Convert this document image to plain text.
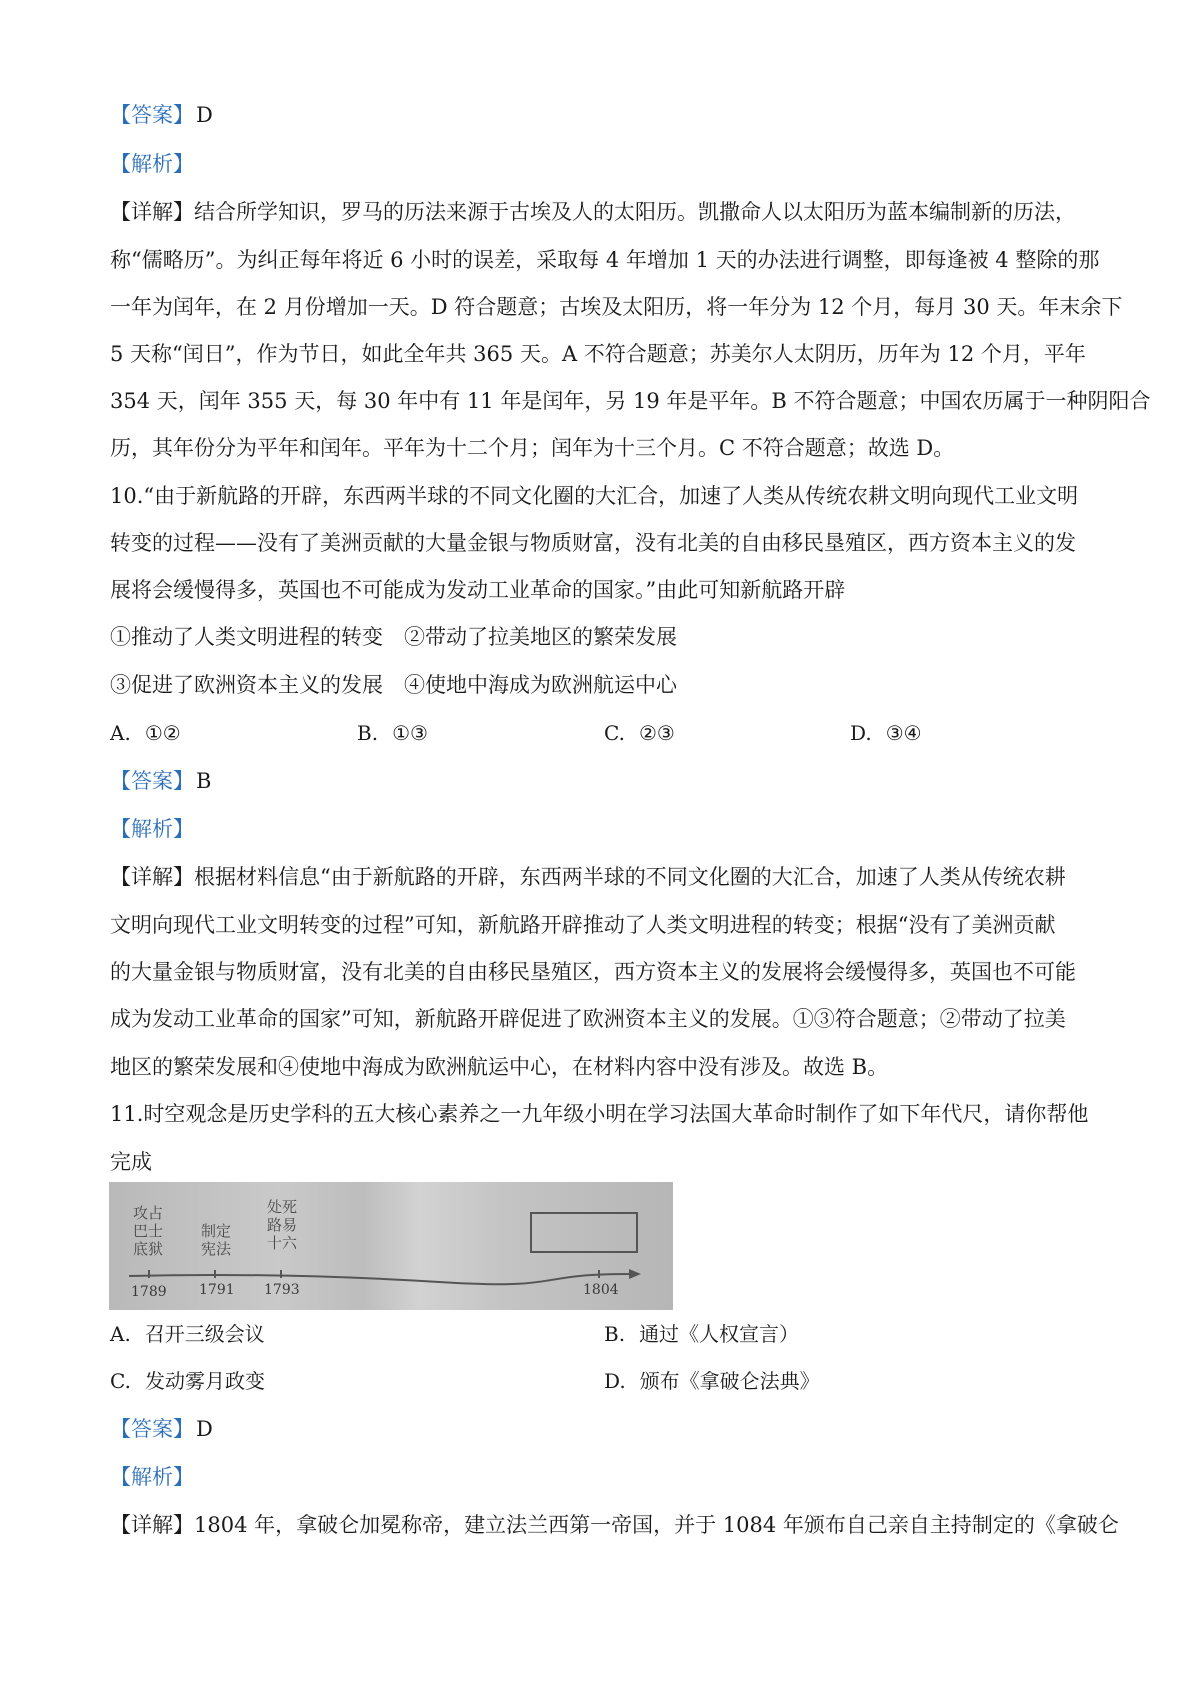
【答案】D
【解析】
【详解】结合所学知识，罗马的历法来源于古埃及人的太阳历。凯撒命人以太阳历为蓝本编制新的历法，
称“儒略历”。为纠正每年将近 6 小时的误差，采取每 4 年增加 1 天的办法进行调整，即每逢被 4 整除的那
一年为闰年，在 2 月份增加一天。D 符合题意；古埃及太阳历，将一年分为 12 个月，每月 30 天。年末余下
5 天称“闰日”，作为节日，如此全年共 365 天。A 不符合题意；苏美尔人太阴历，历年为 12 个月，平年
354 天，闰年 355 天，每 30 年中有 11 年是闰年，另 19 年是平年。B 不符合题意；中国农历属于一种阴阳合
历，其年份分为平年和闰年。平年为十二个月；闰年为十三个月。C 不符合题意；故选 D。
10.“由于新航路的开辟，东西两半球的不同文化圈的大汇合，加速了人类从传统农耕文明向现代工业文明
转变的过程——没有了美洲贡献的大量金银与物质财富，没有北美的自由移民垦殖区，西方资本主义的发
展将会缓慢得多，英国也不可能成为发动工业革命的国家。”由此可知新航路开辟
①推动了人类文明进程的转变　②带动了拉美地区的繁荣发展
③促进了欧洲资本主义的发展　④使地中海成为欧洲航运中心
A. ①②	B. ①③	C. ②③	D. ③④
【答案】B
【解析】
【详解】根据材料信息“由于新航路的开辟，东西两半球的不同文化圈的大汇合，加速了人类从传统农耕
文明向现代工业文明转变的过程”可知，新航路开辟推动了人类文明进程的转变；根据“没有了美洲贡献
的大量金银与物质财富，没有北美的自由移民垦殖区，西方资本主义的发展将会缓慢得多，英国也不可能
成为发动工业革命的国家”可知，新航路开辟促进了欧洲资本主义的发展。①③符合题意；②带动了拉美
地区的繁荣发展和④使地中海成为欧洲航运中心，在材料内容中没有涉及。故选 B。
11.时空观念是历史学科的五大核心素养之一九年级小明在学习法国大革命时制作了如下年代尺，请你帮他
完成
攻占巴士底狱
制定宪法
处死路易十六
1789 1791 1793	1804
A. 召开三级会议	B. 通过《人权宣言）
C. 发动雾月政变	D. 颁布《拿破仑法典》
【答案】D
【解析】
【详解】1804 年，拿破仑加冕称帝，建立法兰西第一帝国，并于 1084 年颁布自己亲自主持制定的《拿破仑
